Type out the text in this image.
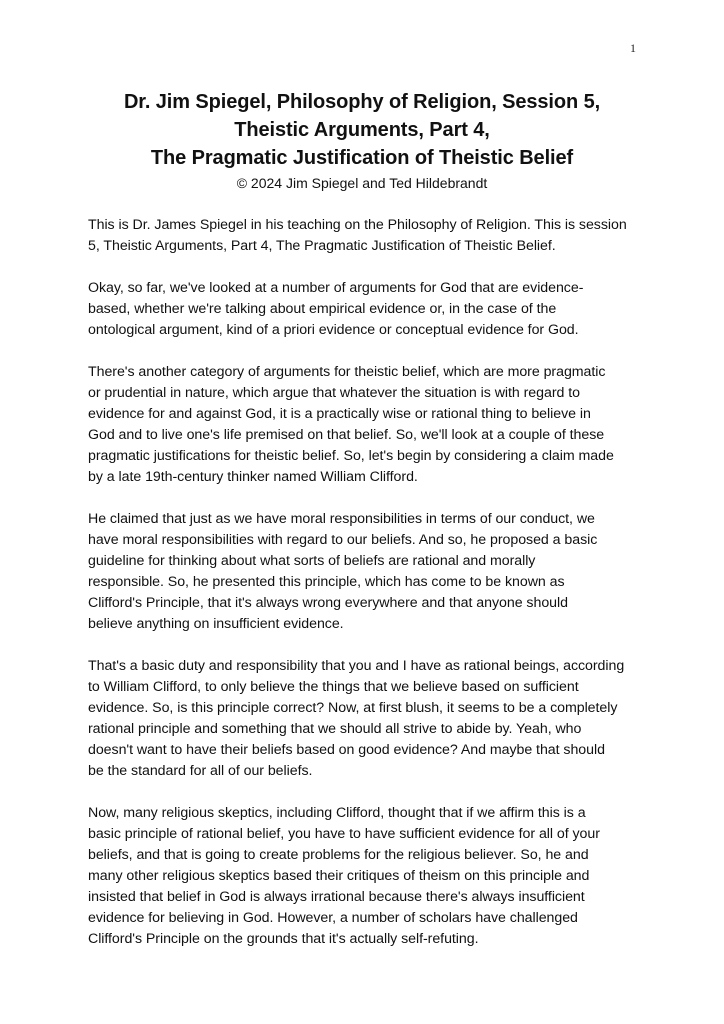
1
Dr. Jim Spiegel, Philosophy of Religion, Session 5,
Theistic Arguments, Part 4,
The Pragmatic Justification of Theistic Belief
© 2024 Jim Spiegel and Ted Hildebrandt

This is Dr. James Spiegel in his teaching on the Philosophy of Religion. This is session
5, Theistic Arguments, Part 4, The Pragmatic Justification of Theistic Belief.

Okay, so far, we've looked at a number of arguments for God that are evidence-
based, whether we're talking about empirical evidence or, in the case of the
ontological argument, kind of a priori evidence or conceptual evidence for God.

There's another category of arguments for theistic belief, which are more pragmatic
or prudential in nature, which argue that whatever the situation is with regard to
evidence for and against God, it is a practically wise or rational thing to believe in
God and to live one's life premised on that belief. So, we'll look at a couple of these
pragmatic justifications for theistic belief. So, let's begin by considering a claim made
by a late 19th-century thinker named William Clifford.

He claimed that just as we have moral responsibilities in terms of our conduct, we
have moral responsibilities with regard to our beliefs. And so, he proposed a basic
guideline for thinking about what sorts of beliefs are rational and morally
responsible. So, he presented this principle, which has come to be known as
Clifford's Principle, that it's always wrong everywhere and that anyone should
believe anything on insufficient evidence.

That's a basic duty and responsibility that you and I have as rational beings, according
to William Clifford, to only believe the things that we believe based on sufficient
evidence. So, is this principle correct? Now, at first blush, it seems to be a completely
rational principle and something that we should all strive to abide by. Yeah, who
doesn't want to have their beliefs based on good evidence? And maybe that should
be the standard for all of our beliefs.

Now, many religious skeptics, including Clifford, thought that if we affirm this is a
basic principle of rational belief, you have to have sufficient evidence for all of your
beliefs, and that is going to create problems for the religious believer. So, he and
many other religious skeptics based their critiques of theism on this principle and
insisted that belief in God is always irrational because there's always insufficient
evidence for believing in God. However, a number of scholars have challenged
Clifford's Principle on the grounds that it's actually self-refuting.
